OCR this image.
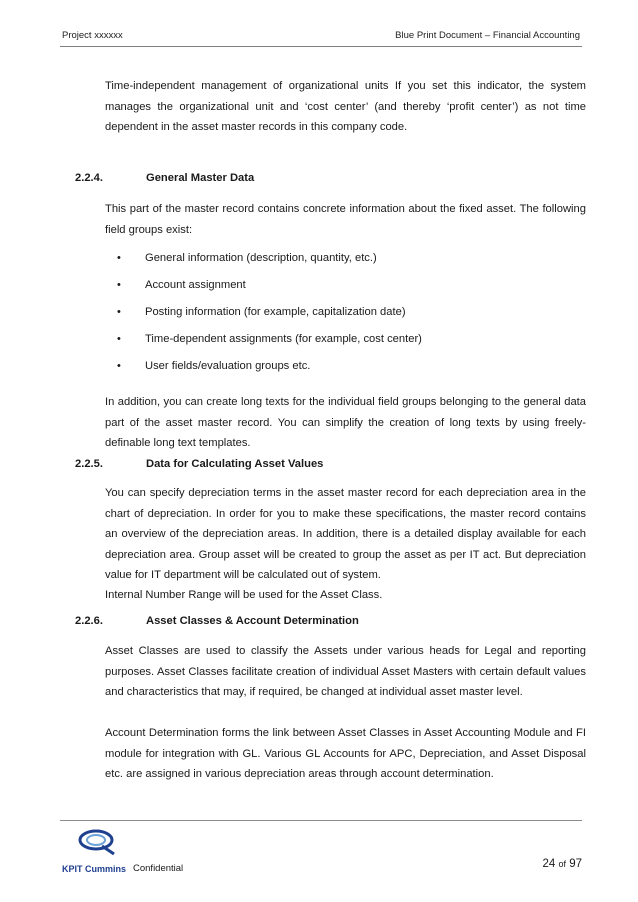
Project xxxxxx	Blue Print Document – Financial Accounting
Time-independent management of organizational units If you set this indicator, the system manages the organizational unit and ‘cost center’ (and thereby ‘profit center’) as not time dependent in the asset master records in this company code.
2.2.4.	General Master Data
This part of the master record contains concrete information about the fixed asset. The following field groups exist:
• General information (description, quantity, etc.)
• Account assignment
• Posting information (for example, capitalization date)
• Time-dependent assignments (for example, cost center)
• User fields/evaluation groups etc.
In addition, you can create long texts for the individual field groups belonging to the general data part of the asset master record. You can simplify the creation of long texts by using freely-definable long text templates.
2.2.5.	Data for Calculating Asset Values
You can specify depreciation terms in the asset master record for each depreciation area in the chart of depreciation. In order for you to make these specifications, the master record contains an overview of the depreciation areas. In addition, there is a detailed display available for each depreciation area. Group asset will be created to group the asset as per IT act. But depreciation value for IT department will be calculated out of system.
Internal Number Range will be used for the Asset Class.
2.2.6.	Asset Classes & Account Determination
Asset Classes are used to classify the Assets under various heads for Legal and reporting purposes. Asset Classes facilitate creation of individual Asset Masters with certain default values and characteristics that may, if required, be changed at individual asset master level.
Account Determination forms the link between Asset Classes in Asset Accounting Module and FI module for integration with GL. Various GL Accounts for APC, Depreciation, and Asset Disposal etc. are assigned in various depreciation areas through account determination.
KPIT Cummins Confidential	24 of 97
